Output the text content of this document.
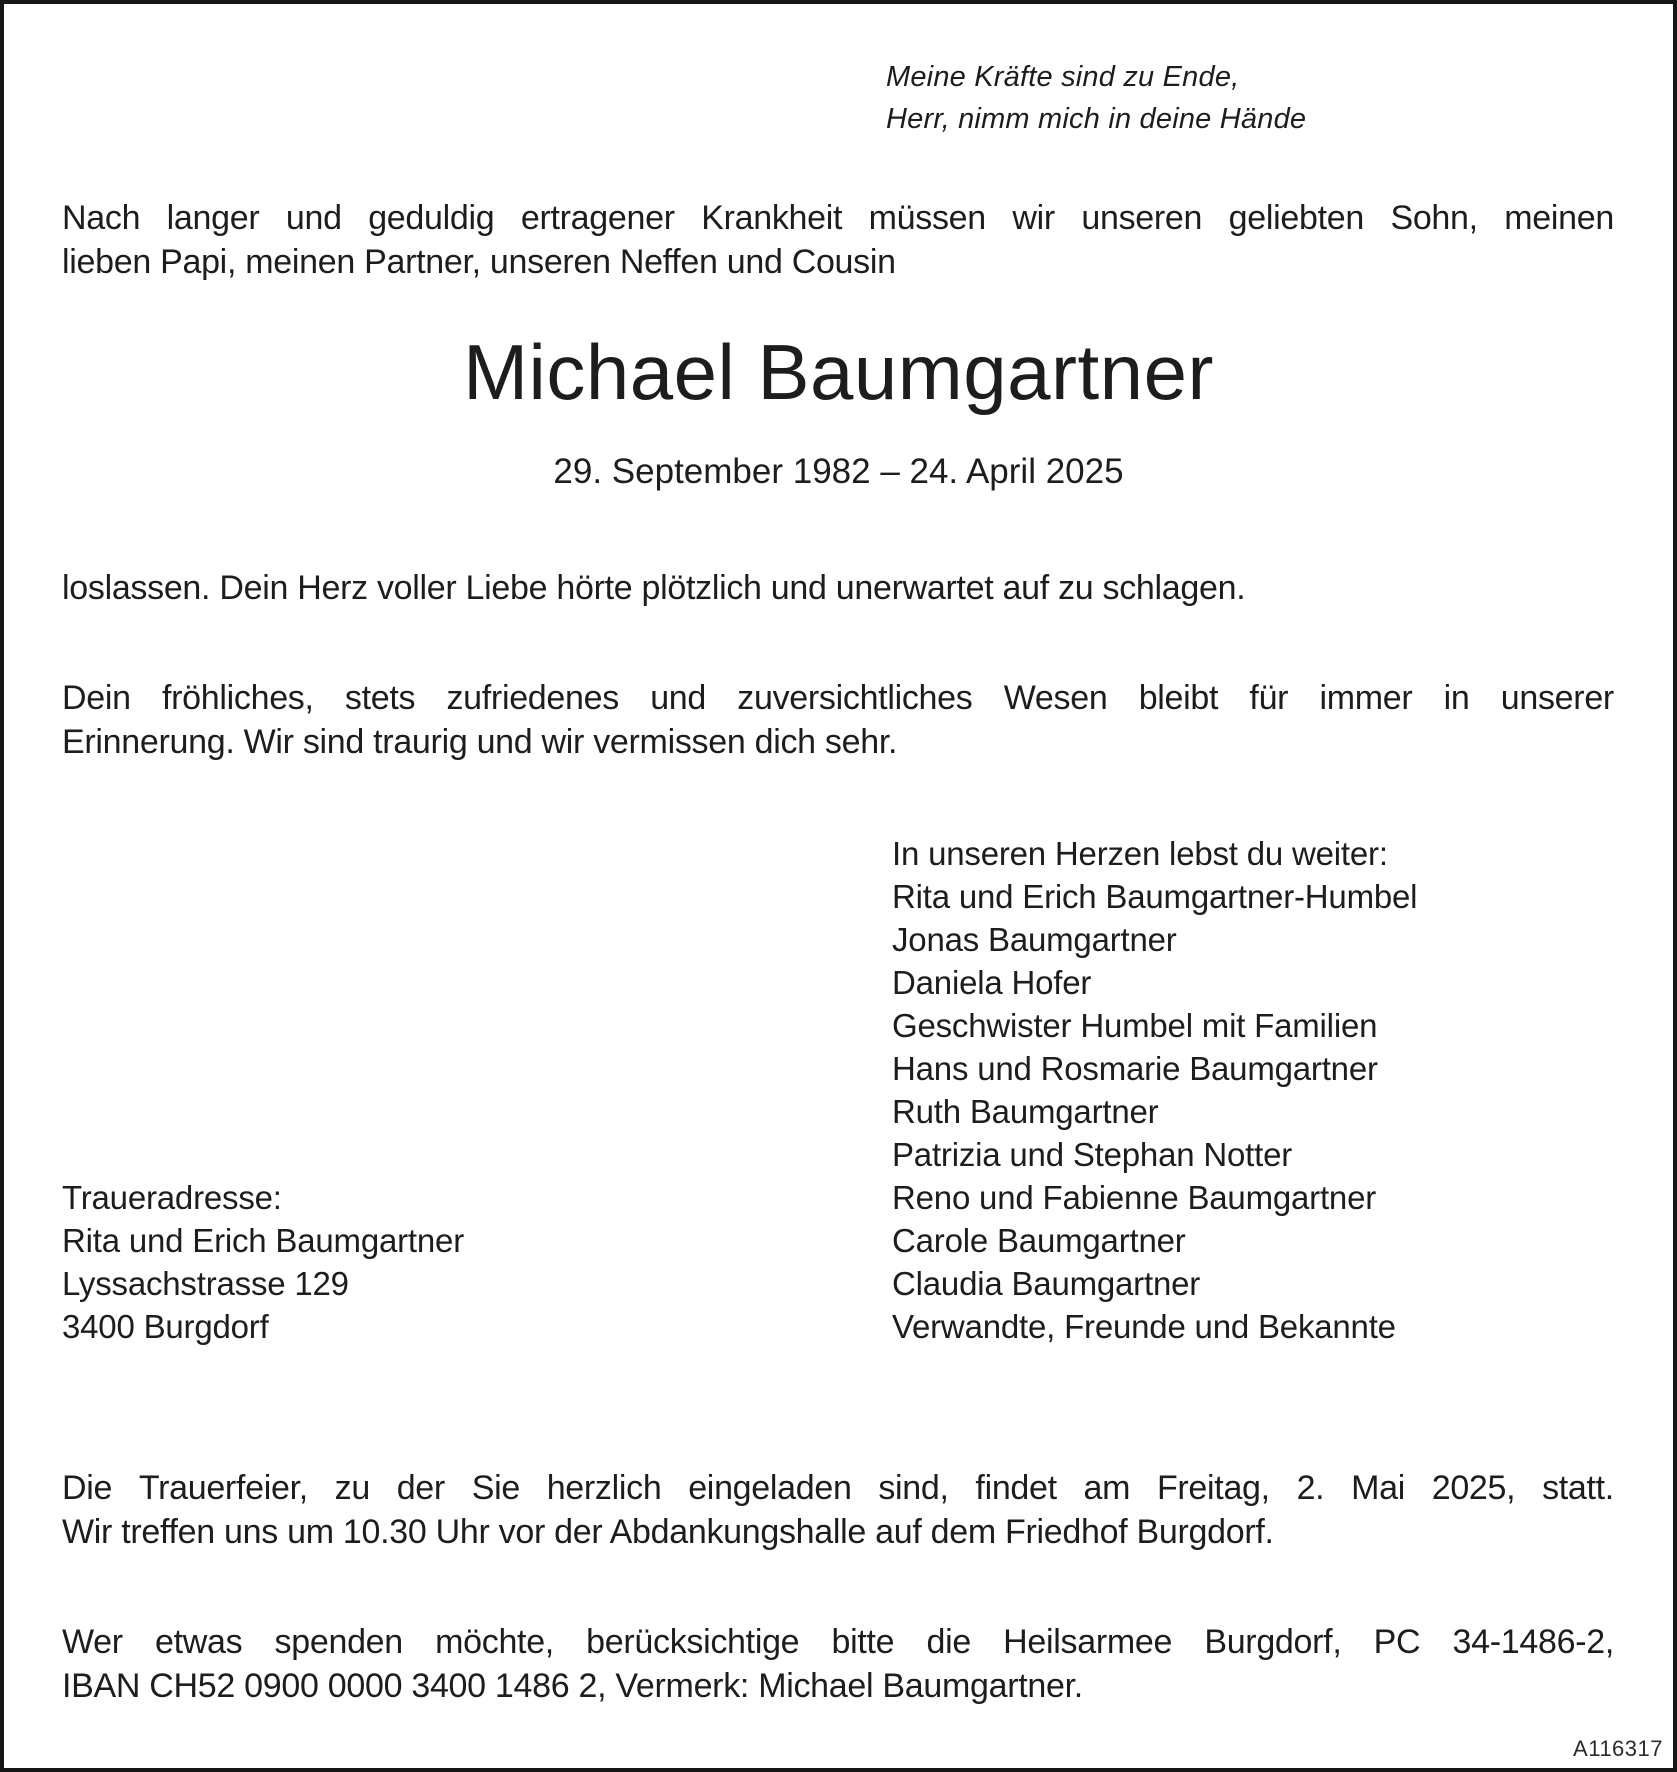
Meine Kräfte sind zu Ende,
Herr, nimm mich in deine Hände
Nach langer und geduldig ertragener Krankheit müssen wir unseren geliebten Sohn, meinen
lieben Papi, meinen Partner, unseren Neffen und Cousin
Michael Baumgartner
29. September 1982 – 24. April 2025
loslassen. Dein Herz voller Liebe hörte plötzlich und unerwartet auf zu schlagen.
Dein fröhliches, stets zufriedenes und zuversichtliches Wesen bleibt für immer in unserer
Erinnerung. Wir sind traurig und wir vermissen dich sehr.
In unseren Herzen lebst du weiter:
Rita und Erich Baumgartner-Humbel
Jonas Baumgartner
Daniela Hofer
Geschwister Humbel mit Familien
Hans und Rosmarie Baumgartner
Ruth Baumgartner
Patrizia und Stephan Notter
Reno und Fabienne Baumgartner
Carole Baumgartner
Claudia Baumgartner
Verwandte, Freunde und Bekannte
Traueradresse:
Rita und Erich Baumgartner
Lyssachstrasse 129
3400 Burgdorf
Die Trauerfeier, zu der Sie herzlich eingeladen sind, findet am Freitag, 2. Mai 2025, statt.
Wir treffen uns um 10.30 Uhr vor der Abdankungshalle auf dem Friedhof Burgdorf.
Wer etwas spenden möchte, berücksichtige bitte die Heilsarmee Burgdorf, PC 34-1486-2,
IBAN CH52 0900 0000 3400 1486 2, Vermerk: Michael Baumgartner.
A116317
